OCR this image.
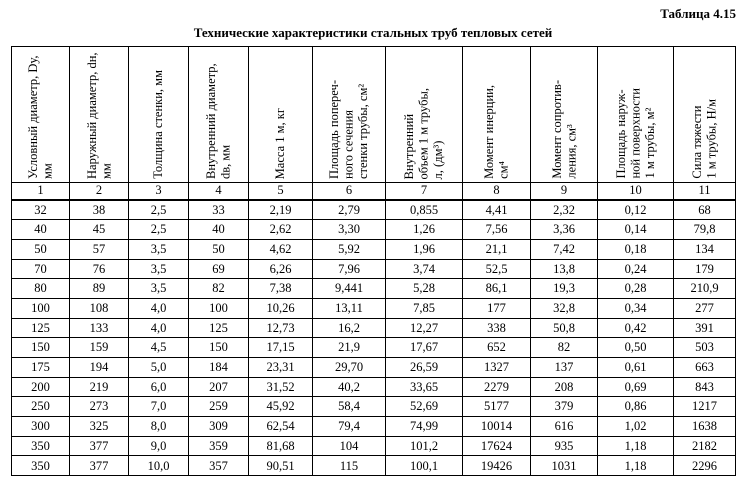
Таблица 4.15
Технические характеристики стальных труб тепловых сетей
Условный диаметр, Dу, мм	Наружный диаметр, dн, мм	Толщина стенки, мм	Внутренний диаметр, dв, мм	Масса 1 м, кг	Площадь попереч-
ного сечения
стенки трубы, см²	Внутренний
объем 1 м трубы,
л, (дм³)	Момент инерции,
см⁴	Момент сопротив-
ления, см³	Площадь наруж-
ной поверхности
1 м трубы, м²	Сила тяжести
1 м трубы, Н/м
1	2	3	4	5	6	7	8	9	10	11
32	38	2,5	33	2,19	2,79	0,855	4,41	2,32	0,12	68
40	45	2,5	40	2,62	3,30	1,26	7,56	3,36	0,14	79,8
50	57	3,5	50	4,62	5,92	1,96	21,1	7,42	0,18	134
70	76	3,5	69	6,26	7,96	3,74	52,5	13,8	0,24	179
80	89	3,5	82	7,38	9,441	5,28	86,1	19,3	0,28	210,9
100	108	4,0	100	10,26	13,11	7,85	177	32,8	0,34	277
125	133	4,0	125	12,73	16,2	12,27	338	50,8	0,42	391
150	159	4,5	150	17,15	21,9	17,67	652	82	0,50	503
175	194	5,0	184	23,31	29,70	26,59	1327	137	0,61	663
200	219	6,0	207	31,52	40,2	33,65	2279	208	0,69	843
250	273	7,0	259	45,92	58,4	52,69	5177	379	0,86	1217
300	325	8,0	309	62,54	79,4	74,99	10014	616	1,02	1638
350	377	9,0	359	81,68	104	101,2	17624	935	1,18	2182
350	377	10,0	357	90,51	115	100,1	19426	1031	1,18	2296
